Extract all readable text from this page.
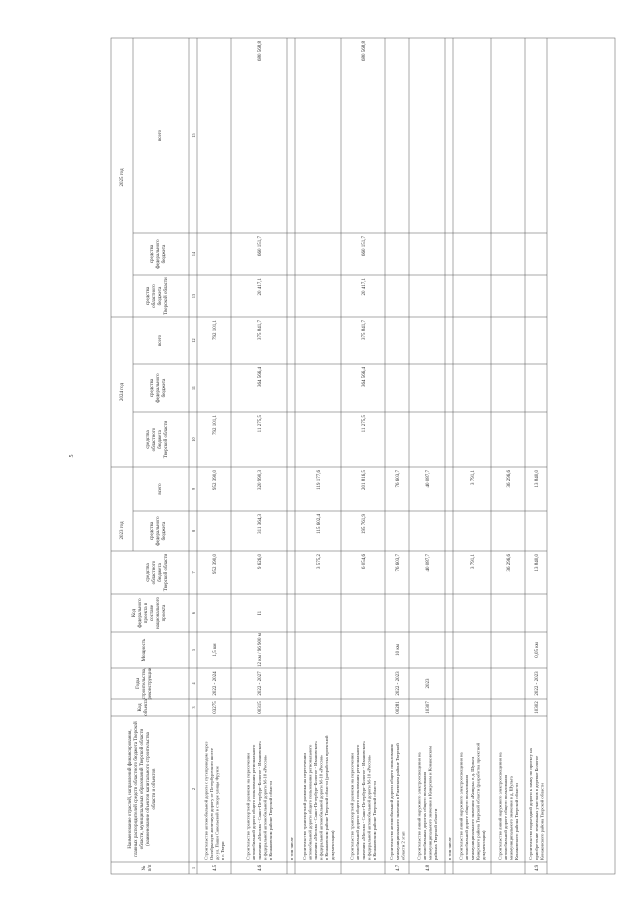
5
№ п/п
Наименование отраслей, направлений финансирования, главных распорядителей средств областного бюджета Тверской области, муниципальных образований Тверской области (наименование объектов капитального строительства области и объектов
Код объекта
Годы строительства, реконструкции
Мощность
Код федерального проекта в составе национального проекта
2023 год
2024 год
2025 год
средства областного бюджета Тверской области
средства федерального бюджета
всего
средства областного бюджета Тверской области
средства федерального бюджета
всего
средства областного бюджета Тверской области
средства федерального бюджета
всего
1
2
3
4
5
6
7
8
9
10
11
12
13
14
15
4.5
Строительство автомобильной дороги с путепроводом через Октябрьскую железную дорогу от Петербургского шоссе до ул. Паши Савельевой в створе улицы Фрунзе в г. Твери
03275
2022 - 2024
1,5 км
952 390,0
952 390,0
792 101,1
792 101,1
4.6
Строительство транспортной развязки на пересечении автомобильной дороги общего пользования регионального значения «Москва - Санкт-Петербург-Бологое - Ивановское» и федеральной автомобильной дороги М-10 «Россия» в Конаковском районе Тверской области
00315
2022 - 2027
12 км / 96 900 м
I1
9 626,0
311 364,3
320 990,3
11 275,5
364 566,4
375 841,7
20 417,1
660 151,7
680 568,8
в том числе Строительство транспортной развязки на пересечении автомобильной дороги общего пользования регионального значения «Москва - Санкт-Петербург-Бологое - Ивановское» и федеральной автомобильной дороги М-10 «Россия» в Конаковском районе Тверской области (разработка проектной документации)
3 575,2
115 602,4
119 177,6
Строительство транспортной развязки на пересечении автомобильной дороги общего пользования регионального значения «Москва - Санкт-Петербург-Бологое - Ивановское» и федеральной автомобильной дороги М-10 «Россия» в Конаковском районе Тверской области
6 054,6
195 761,9
201 816,5
11 275,5
364 566,4
375 841,7
20 417,1
660 151,7
680 568,8
4.7
Строительство автомобильной дороги общего пользования межмуниципального значения в Ржевском районе Тверской области 2 этап
00281
2022 - 2023
10 км
76 603,7
76 603,7
4.8
Строительство линий наружного электроосвещения на автомобильных дорогах общего пользования межмуниципального значения в Кимрском и Конаковском районах Тверской области
10307
2023
40 087,7
40 087,7
в том числе Строительство линий наружного электроосвещения на автомобильной дороге общего пользования межмуниципального значения «Кимры» в д. Шульга Кимрского района Тверской области (разработка проектной документации)
3 791,1
3 791,1
Строительство линий наружного электроосвещения на автомобильной дороге общего пользования межмуниципального значения в д. Шульга Конаковского района Тверской области
36 296,6
36 296,6
4.9
Строительство подъездной дороги к замку по проекту на приобретение земельных участков в деревне Бологое Конаковского района Тверской области
10302
2022 - 2023
0,05 км
13 840,0
13 840,0
